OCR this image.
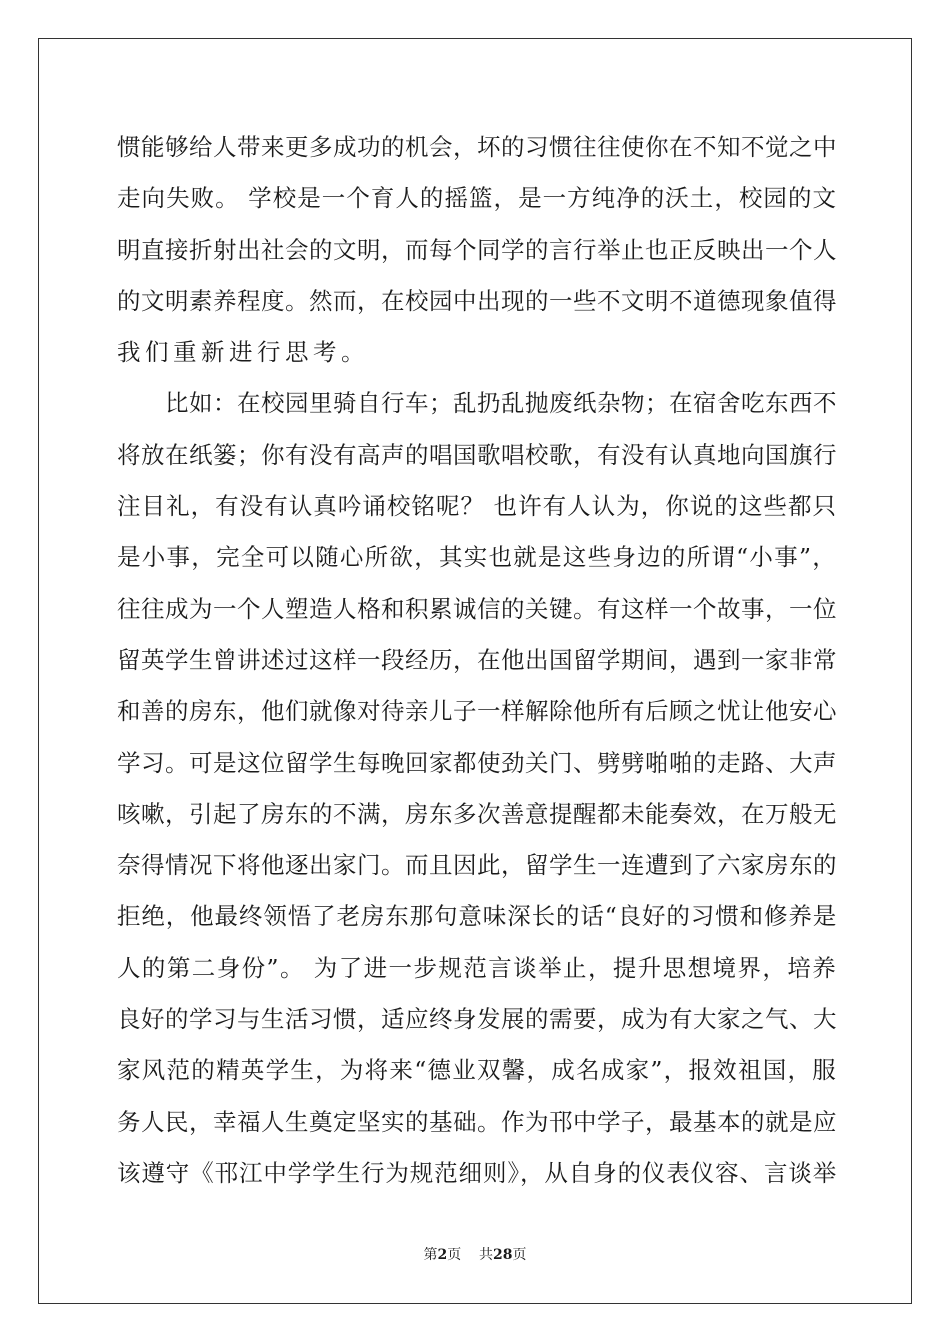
惯能够给人带来更多成功的机会，坏的习惯往往使你在不知不觉之中
走向失败。 学校是一个育人的摇篮，是一方纯净的沃土，校园的文
明直接折射出社会的文明，而每个同学的言行举止也正反映出一个人
的文明素养程度。然而，在校园中出现的一些不文明不道德现象值得
我们重新进行思考。
比如：在校园里骑自行车；乱扔乱抛废纸杂物；在宿舍吃东西不
将放在纸篓；你有没有高声的唱国歌唱校歌，有没有认真地向国旗行
注目礼，有没有认真吟诵校铭呢？ 也许有人认为，你说的这些都只
是小事，完全可以随心所欲，其实也就是这些身边的所谓“小事”，
往往成为一个人塑造人格和积累诚信的关键。有这样一个故事，一位
留英学生曾讲述过这样一段经历，在他出国留学期间，遇到一家非常
和善的房东，他们就像对待亲儿子一样解除他所有后顾之忧让他安心
学习。可是这位留学生每晚回家都使劲关门、劈劈啪啪的走路、大声
咳嗽，引起了房东的不满，房东多次善意提醒都未能奏效，在万般无
奈得情况下将他逐出家门。而且因此，留学生一连遭到了六家房东的
拒绝，他最终领悟了老房东那句意味深长的话“良好的习惯和修养是
人的第二身份”。 为了进一步规范言谈举止，提升思想境界，培养
良好的学习与生活习惯，适应终身发展的需要，成为有大家之气、大
家风范的精英学生，为将来“德业双馨，成名成家”，报效祖国，服
务人民，幸福人生奠定坚实的基础。作为邗中学子，最基本的就是应
该遵守《邗江中学学生行为规范细则》，从自身的仪表仪容、言谈举
第2页 共28页
